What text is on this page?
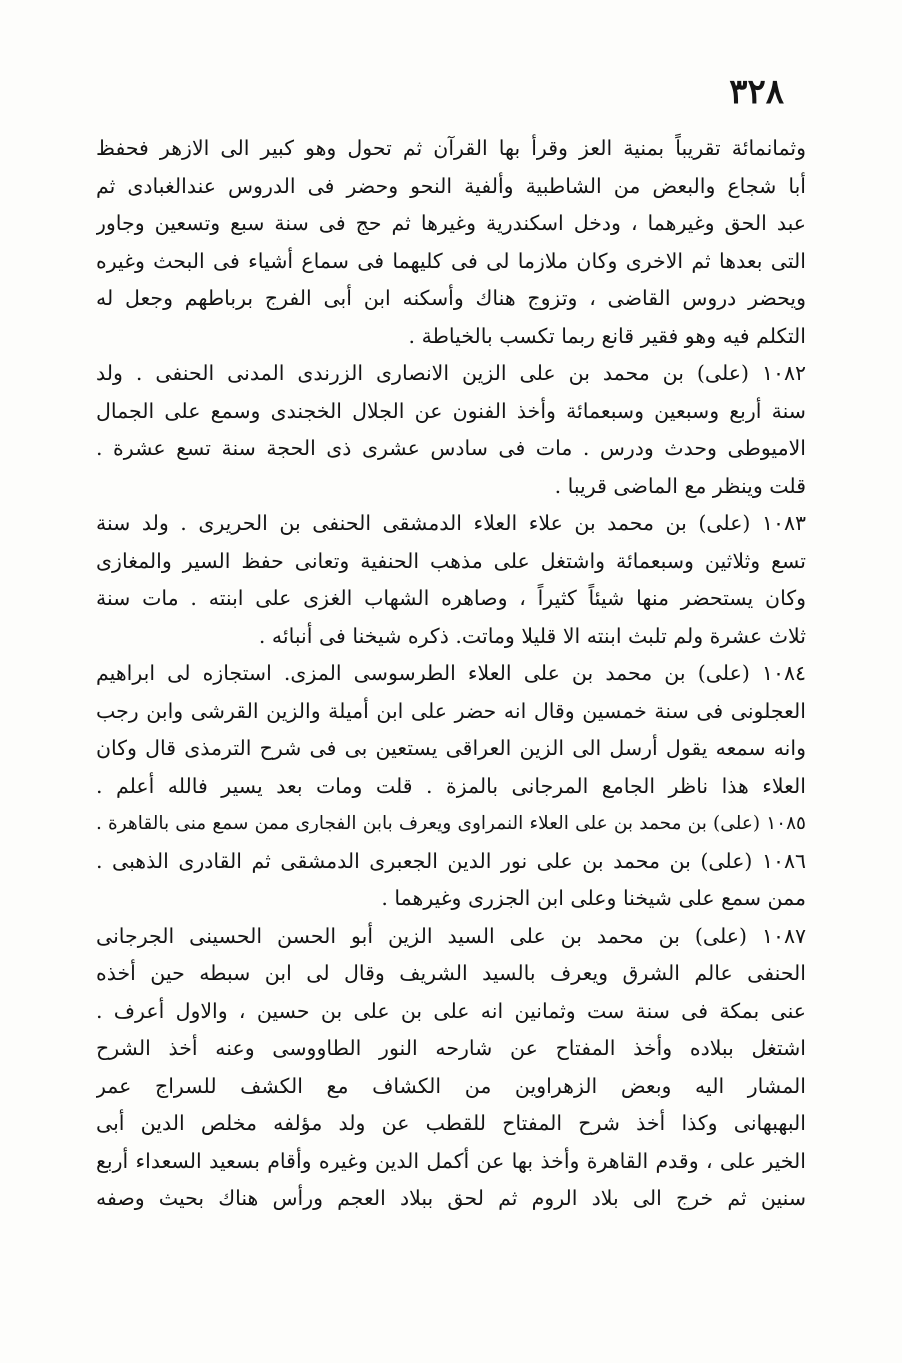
٣٢٨
وثمانمائة تقريباً بمنية العز وقرأ بها القرآن ثم تحول وهو كبير الى الازهر فحفظ
أبا شجاع والبعض من الشاطبية وألفية النحو وحضر فى الدروس عندالغبادى ثم
عبد الحق وغيرهما ، ودخل اسكندرية وغيرها ثم حج فى سنة سبع وتسعين وجاور
التى بعدها ثم الاخرى وكان ملازما لى فى كليهما فى سماع أشياء فى البحث وغيره
ويحضر دروس القاضى ، وتزوج هناك وأسكنه ابن أبى الفرج برباطهم وجعل له
التكلم فيه وهو فقير قانع ربما تكسب بالخياطة .
١٠٨٢ (على) بن محمد بن على الزين الانصارى الزرندى المدنى الحنفى . ولد
سنة أربع وسبعين وسبعمائة وأخذ الفنون عن الجلال الخجندى وسمع على الجمال
الاميوطى وحدث ودرس . مات فى سادس عشرى ذى الحجة سنة تسع عشرة .
قلت وينظر مع الماضى قريبا .
١٠٨٣ (على) بن محمد بن علاء العلاء الدمشقى الحنفى بن الحريرى . ولد سنة
تسع وثلاثين وسبعمائة واشتغل على مذهب الحنفية وتعانى حفظ السير والمغازى
وكان يستحضر منها شيئاً كثيراً ، وصاهره الشهاب الغزى على ابنته . مات سنة
ثلاث عشرة ولم تلبث ابنته الا قليلا وماتت. ذكره شيخنا فى أنبائه .
١٠٨٤ (على) بن محمد بن على العلاء الطرسوسى المزى. استجازه لى ابراهيم
العجلونى فى سنة خمسين وقال انه حضر على ابن أميلة والزين القرشى وابن رجب
وانه سمعه يقول أرسل الى الزين العراقى يستعين بى فى شرح الترمذى قال وكان
العلاء هذا ناظر الجامع المرجانى بالمزة . قلت ومات بعد يسير فالله أعلم .
١٠٨٥ (على) بن محمد بن على العلاء النمراوى ويعرف بابن الفجارى ممن سمع منى بالقاهرة .
١٠٨٦ (على) بن محمد بن على نور الدين الجعبرى الدمشقى ثم القادرى الذهبى .
ممن سمع على شيخنا وعلى ابن الجزرى وغيرهما .
١٠٨٧ (على) بن محمد بن على السيد الزين أبو الحسن الحسينى الجرجانى
الحنفى عالم الشرق ويعرف بالسيد الشريف وقال لى ابن سبطه حين أخذه
عنى بمكة فى سنة ست وثمانين انه على بن على بن حسين ، والاول أعرف .
اشتغل ببلاده وأخذ المفتاح عن شارحه النور الطاووسى وعنه أخذ الشرح
المشار اليه وبعض الزهراوين من الكشاف مع الكشف للسراج عمر
البهبهانى وكذا أخذ شرح المفتاح للقطب عن ولد مؤلفه مخلص الدين أبى
الخير على ، وقدم القاهرة وأخذ بها عن أكمل الدين وغيره وأقام بسعيد السعداء أربع
سنين ثم خرج الى بلاد الروم ثم لحق ببلاد العجم ورأس هناك بحيث وصفه
